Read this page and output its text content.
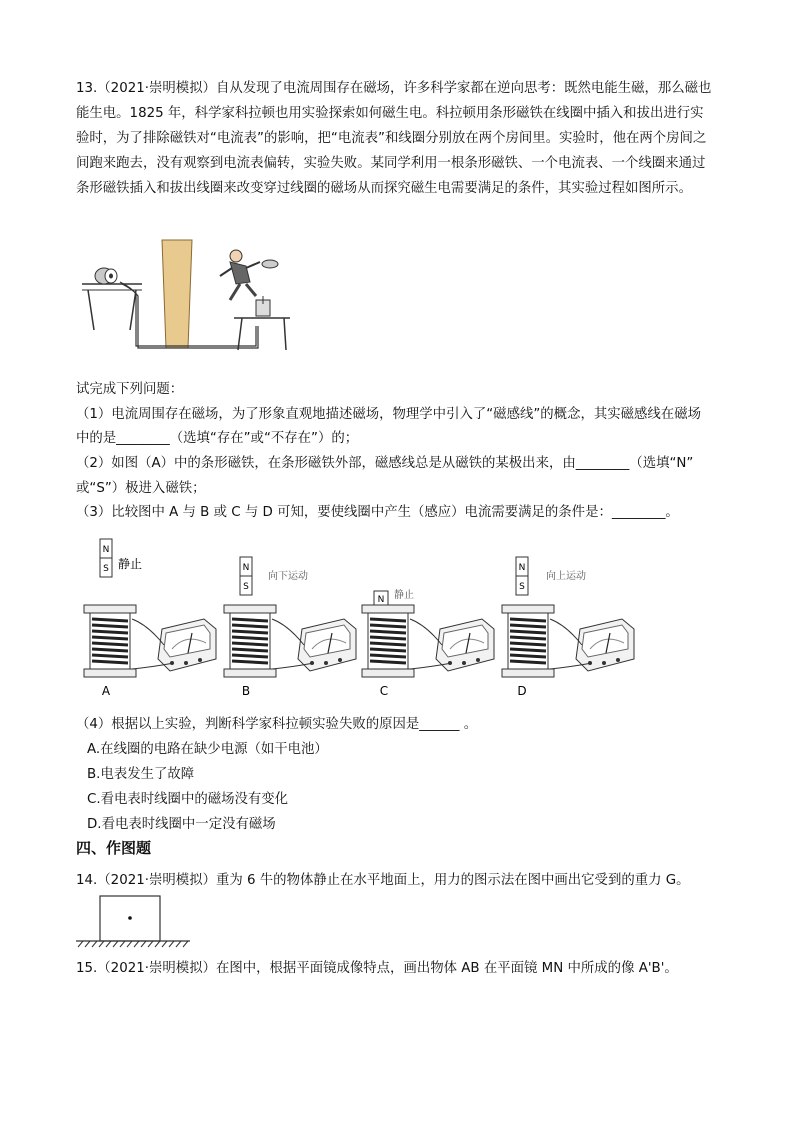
13.（2021·崇明模拟）自从发现了电流周围存在磁场，许多科学家都在逆向思考：既然电能生磁，那么磁也能生电。1825 年，科学家科拉顿也用实验探索如何磁生电。科拉顿用条形磁铁在线圈中插入和拔出进行实验时，为了排除磁铁对“电流表”的影响，把“电流表”和线圈分别放在两个房间里。实验时，他在两个房间之间跑来跑去，没有观察到电流表偏转，实验失败。某同学利用一根条形磁铁、一个电流表、一个线圈来通过条形磁铁插入和拔出线圈来改变穿过线圈的磁场从而探究磁生电需要满足的条件，其实验过程如图所示。

试完成下列问题：
（1）电流周围存在磁场，为了形象直观地描述磁场，物理学中引入了“磁感线”的概念，其实磁感线在磁场
中的是________（选填“存在”或“不存在”）的；
（2）如图（A）中的条形磁铁，在条形磁铁外部，磁感线总是从磁铁的某极出来，由________（选填“N”
或“S”）极进入磁铁；
（3）比较图中 A 与 B 或 C 与 D 可知，要使线圈中产生（感应）电流需要满足的条件是：________。
N
S 静止
A
N
S
向下运动
B
N 静止
C
N
S
向上运动
D
（4）根据以上实验，判断科学家科拉顿实验失败的原因是______ 。
A.在线圈的电路在缺少电源（如干电池）
B.电表发生了故障
C.看电表时线圈中的磁场没有变化
D.看电表时线圈中一定没有磁场
四、作图题
14.（2021·崇明模拟）重为 6 牛的物体静止在水平地面上，用力的图示法在图中画出它受到的重力 G。
15.（2021·崇明模拟）在图中，根据平面镜成像特点，画出物体 AB 在平面镜 MN 中所成的像 A'B'。
